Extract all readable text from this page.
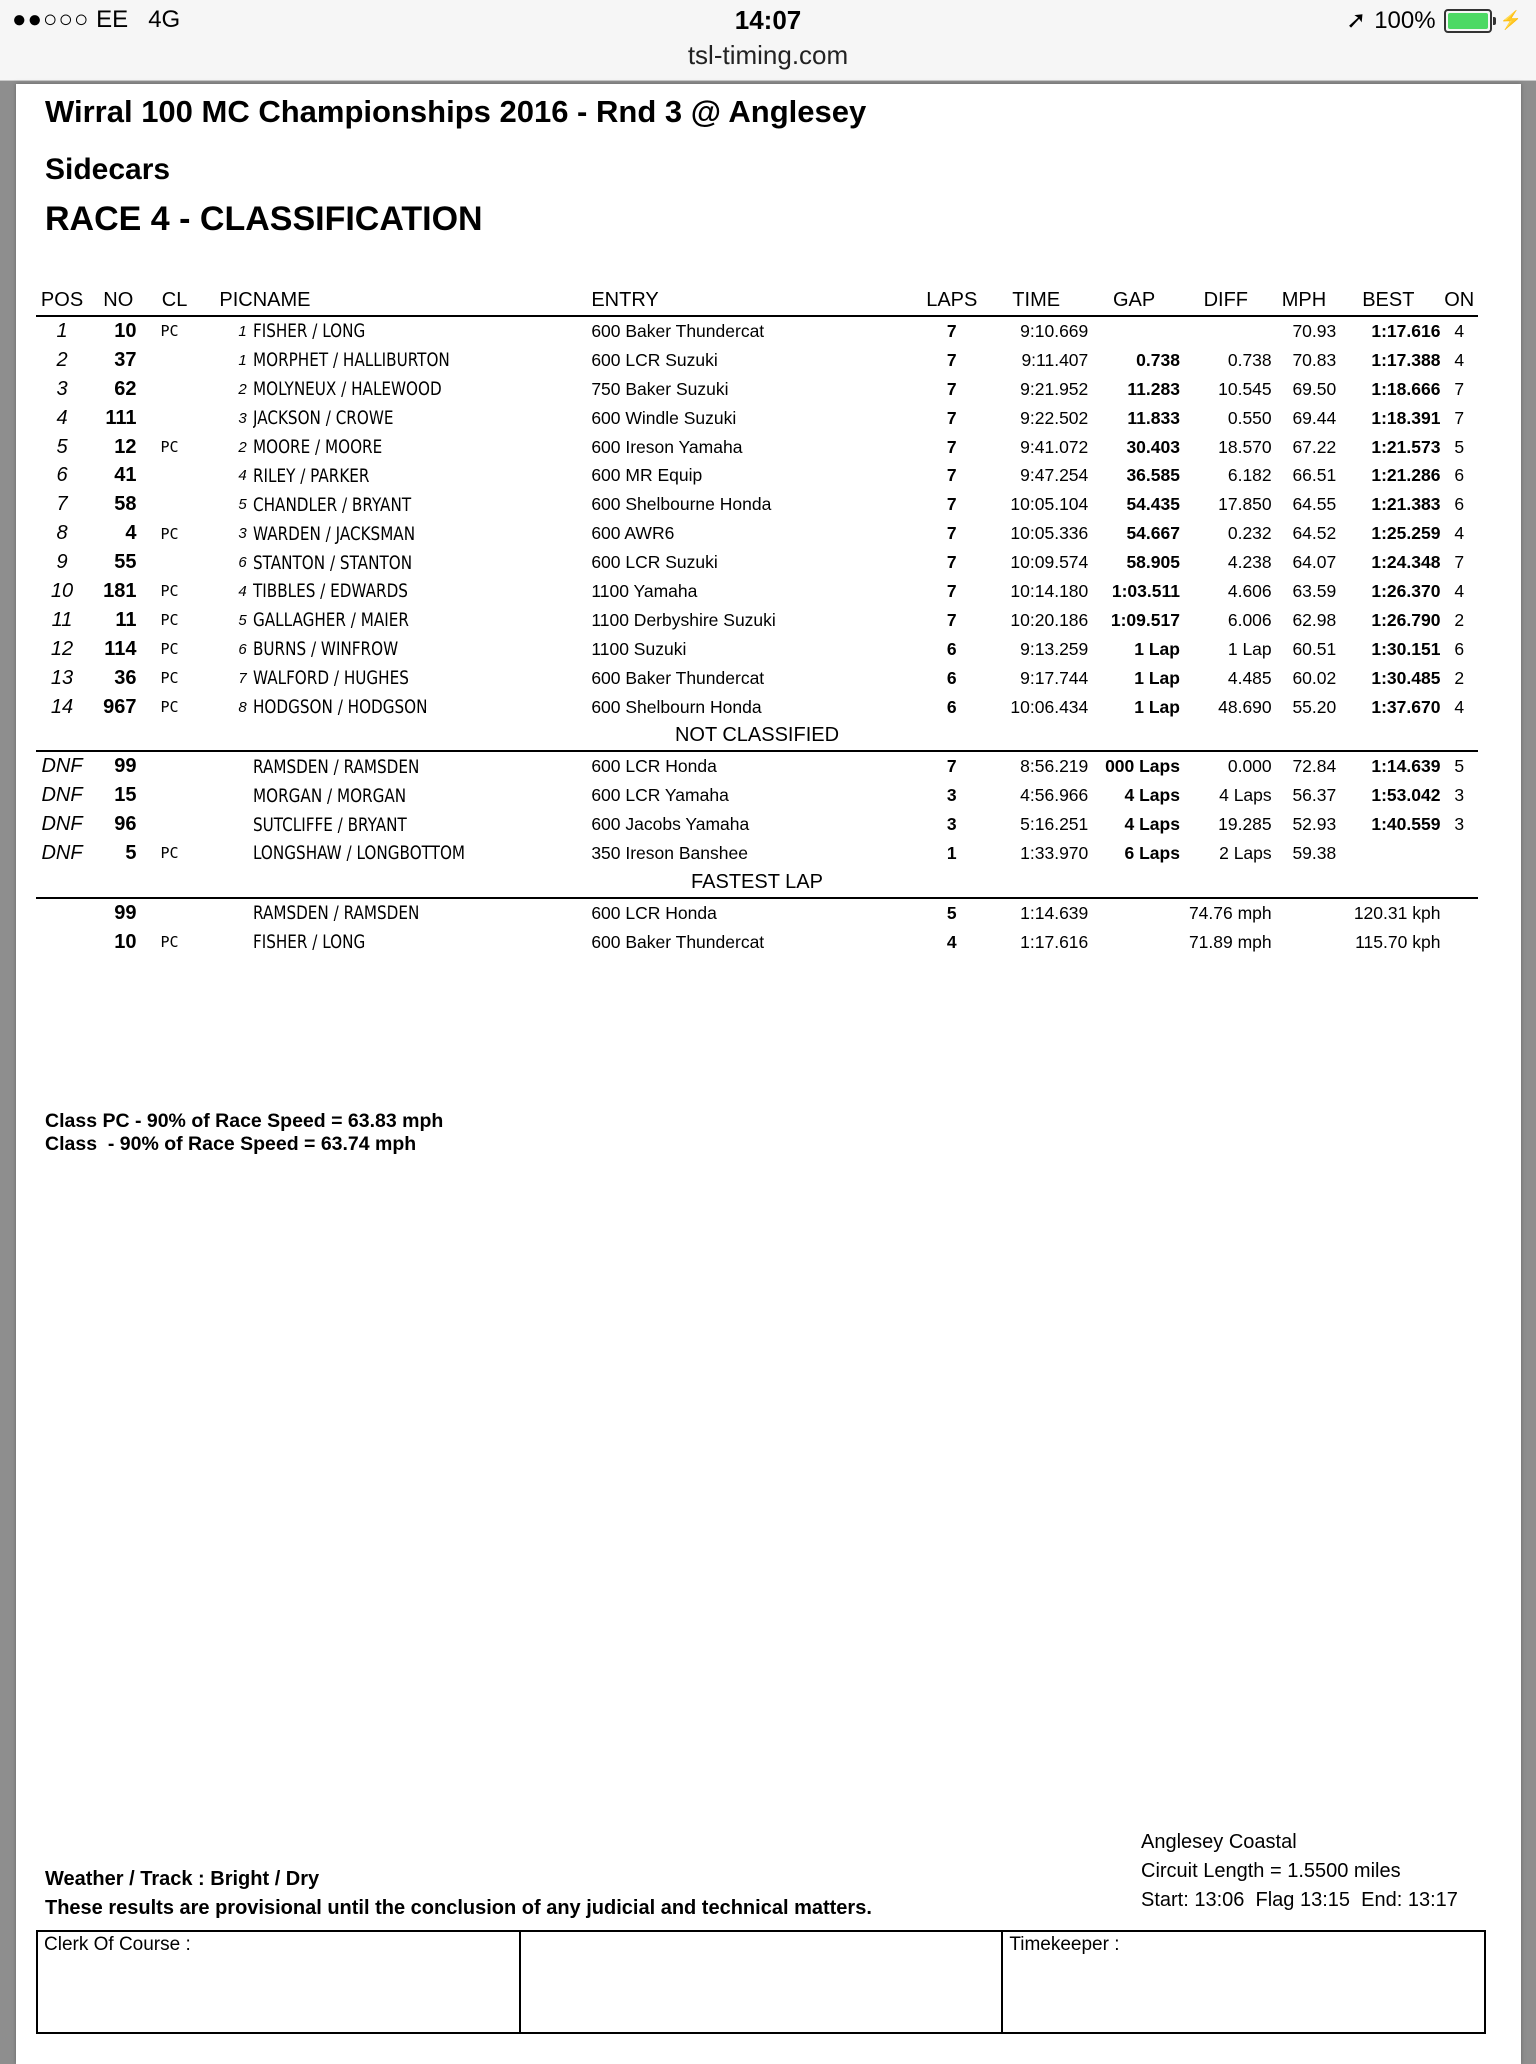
●●○○○ EE 4G	14:07
tsl-timing.com
➚ 100%	⚡
Wirral 100 MC Championships 2016 - Rnd 3 @ Anglesey
Sidecars
RACE 4 - CLASSIFICATION
POS	NO	CL	PIC	NAME	ENTRY	LAPS	TIME	GAP	DIFF	MPH	BEST	ON
1	10	PC	1	FISHER / LONG	600 Baker Thundercat	7	9:10.669			70.93	1:17.616	4
2	37		1	MORPHET / HALLIBURTON	600 LCR Suzuki	7	9:11.407	0.738	0.738	70.83	1:17.388	4
3	62		2	MOLYNEUX / HALEWOOD	750 Baker Suzuki	7	9:21.952	11.283	10.545	69.50	1:18.666	7
4	111		3	JACKSON / CROWE	600 Windle Suzuki	7	9:22.502	11.833	0.550	69.44	1:18.391	7
5	12	PC	2	MOORE / MOORE	600 Ireson Yamaha	7	9:41.072	30.403	18.570	67.22	1:21.573	5
6	41		4	RILEY / PARKER	600 MR Equip	7	9:47.254	36.585	6.182	66.51	1:21.286	6
7	58		5	CHANDLER / BRYANT	600 Shelbourne Honda	7	10:05.104	54.435	17.850	64.55	1:21.383	6
8	4	PC	3	WARDEN / JACKSMAN	600 AWR6	7	10:05.336	54.667	0.232	64.52	1:25.259	4
9	55		6	STANTON / STANTON	600 LCR Suzuki	7	10:09.574	58.905	4.238	64.07	1:24.348	7
10	181	PC	4	TIBBLES / EDWARDS	1100 Yamaha	7	10:14.180	1:03.511	4.606	63.59	1:26.370	4
11	11	PC	5	GALLAGHER / MAIER	1100 Derbyshire Suzuki	7	10:20.186	1:09.517	6.006	62.98	1:26.790	2
12	114	PC	6	BURNS / WINFROW	1100 Suzuki	6	9:13.259	1 Lap	1 Lap	60.51	1:30.151	6
13	36	PC	7	WALFORD / HUGHES	600 Baker Thundercat	6	9:17.744	1 Lap	4.485	60.02	1:30.485	2
14	967	PC	8	HODGSON / HODGSON	600 Shelbourn Honda	6	10:06.434	1 Lap	48.690	55.20	1:37.670	4
NOT CLASSIFIED												
DNF	99			RAMSDEN / RAMSDEN	600 LCR Honda	7	8:56.219	000 Laps	0.000	72.84	1:14.639	5
DNF	15			MORGAN / MORGAN	600 LCR Yamaha	3	4:56.966	4 Laps	4 Laps	56.37	1:53.042	3
DNF	96			SUTCLIFFE / BRYANT	600 Jacobs Yamaha	3	5:16.251	4 Laps	19.285	52.93	1:40.559	3
DNF	5	PC		LONGSHAW / LONGBOTTOM	350 Ireson Banshee	1	1:33.970	6 Laps	2 Laps	59.38		
FASTEST LAP												
	99			RAMSDEN / RAMSDEN	600 LCR Honda	5	1:14.639	74.76 mph		120.31 kph		
	10	PC		FISHER / LONG	600 Baker Thundercat	4	1:17.616	71.89 mph		115.70 kph		
Class PC - 90% of Race Speed = 63.83 mph
Class  - 90% of Race Speed = 63.74 mph
Anglesey Coastal
Circuit Length = 1.5500 miles
Start: 13:06  Flag 13:15  End: 13:17
Weather / Track : Bright / Dry
These results are provisional until the conclusion of any judicial and technical matters.
Clerk Of Course :	Timekeeper :
